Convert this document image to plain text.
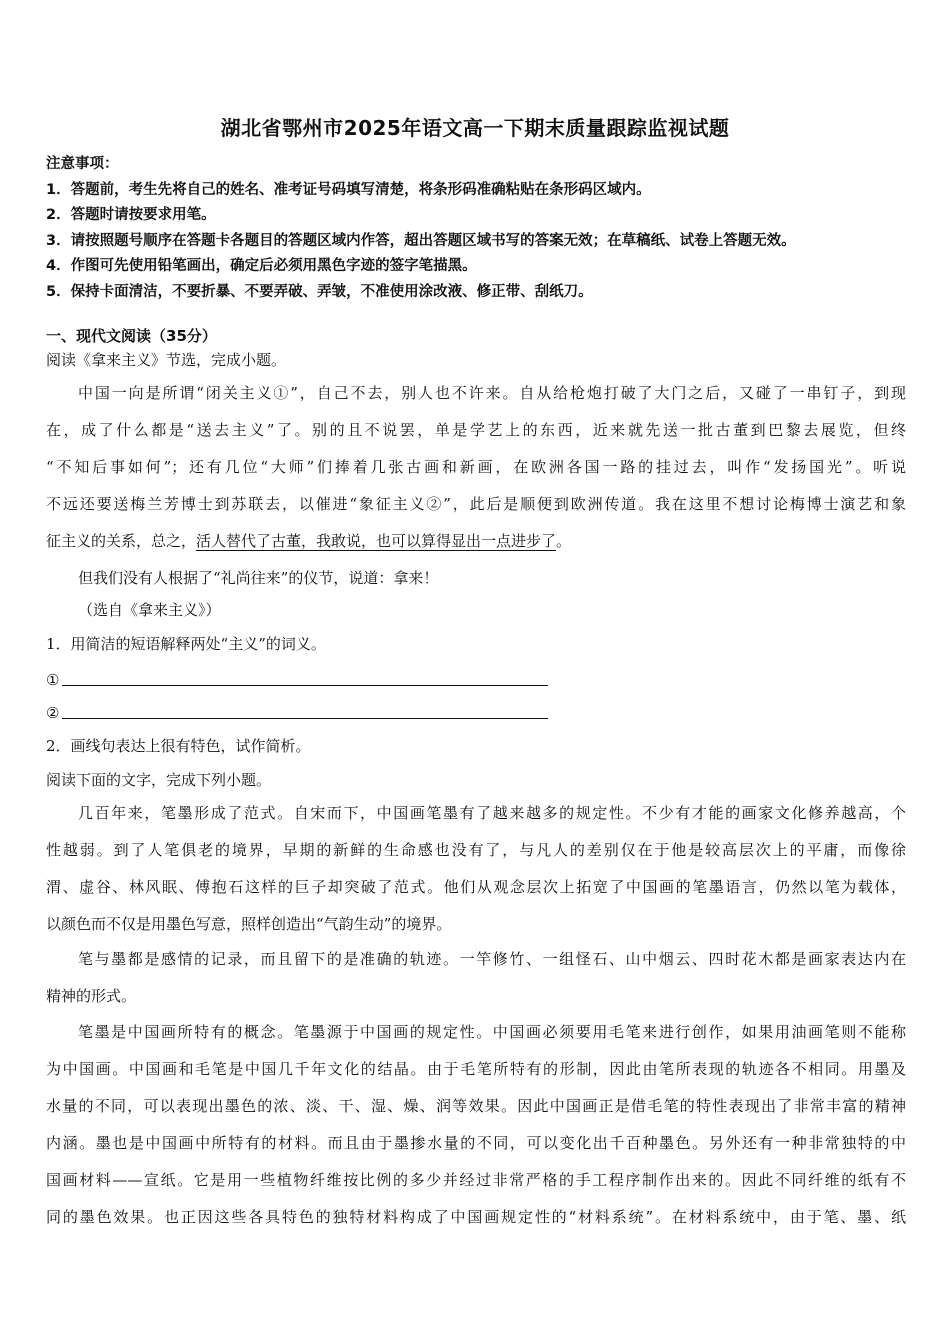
湖北省鄂州市2025年语文高一下期末质量跟踪监视试题
注意事项：
1．答题前，考生先将自己的姓名、准考证号码填写清楚，将条形码准确粘贴在条形码区域内。
2．答题时请按要求用笔。
3．请按照题号顺序在答题卡各题目的答题区域内作答，超出答题区域书写的答案无效；在草稿纸、试卷上答题无效。
4．作图可先使用铅笔画出，确定后必须用黑色字迹的签字笔描黑。
5．保持卡面清洁，不要折暴、不要弄破、弄皱，不准使用涂改液、修正带、刮纸刀。
一、现代文阅读（35分）
阅读《拿来主义》节选，完成小题。
中国一向是所谓“闭关主义①”，自己不去，别人也不许来。自从给枪炮打破了大门之后，又碰了一串钉子，到现
在，成了什么都是“送去主义”了。别的且不说罢，单是学艺上的东西，近来就先送一批古董到巴黎去展览，但终
“不知后事如何”；还有几位“大师”们捧着几张古画和新画，在欧洲各国一路的挂过去，叫作“发扬国光”。听说
不远还要送梅兰芳博士到苏联去，以催进“象征主义②”，此后是顺便到欧洲传道。我在这里不想讨论梅博士演艺和象
征主义的关系，总之，活人替代了古董，我敢说，也可以算得显出一点进步了。
但我们没有人根据了“礼尚往来”的仪节，说道：拿来！
（选自《拿来主义》）
1．用简洁的短语解释两处“主义”的词义。
①
②
2．画线句表达上很有特色，试作简析。
阅读下面的文字，完成下列小题。
几百年来，笔墨形成了范式。自宋而下，中国画笔墨有了越来越多的规定性。不少有才能的画家文化修养越高，个
性越弱。到了人笔俱老的境界，早期的新鲜的生命感也没有了，与凡人的差别仅在于他是较高层次上的平庸，而像徐
渭、虚谷、林风眠、傅抱石这样的巨子却突破了范式。他们从观念层次上拓宽了中国画的笔墨语言，仍然以笔为载体，
以颜色而不仅是用墨色写意，照样创造出“气韵生动”的境界。
笔与墨都是感情的记录，而且留下的是准确的轨迹。一竿修竹、一组怪石、山中烟云、四时花木都是画家表达内在
精神的形式。
笔墨是中国画所特有的概念。笔墨源于中国画的规定性。中国画必须要用毛笔来进行创作，如果用油画笔则不能称
为中国画。中国画和毛笔是中国几千年文化的结晶。由于毛笔所特有的形制，因此由笔所表现的轨迹各不相同。用墨及
水量的不同，可以表现出墨色的浓、淡、干、湿、燥、润等效果。因此中国画正是借毛笔的特性表现出了非常丰富的精神
内涵。墨也是中国画中所特有的材料。而且由于墨掺水量的不同，可以变化出千百种墨色。另外还有一种非常独特的中
国画材料——宣纸。它是用一些植物纤维按比例的多少并经过非常严格的手工程序制作出来的。因此不同纤维的纸有不
同的墨色效果。也正因这些各具特色的独特材料构成了中国画规定性的“材料系统”。在材料系统中，由于笔、墨、纸
